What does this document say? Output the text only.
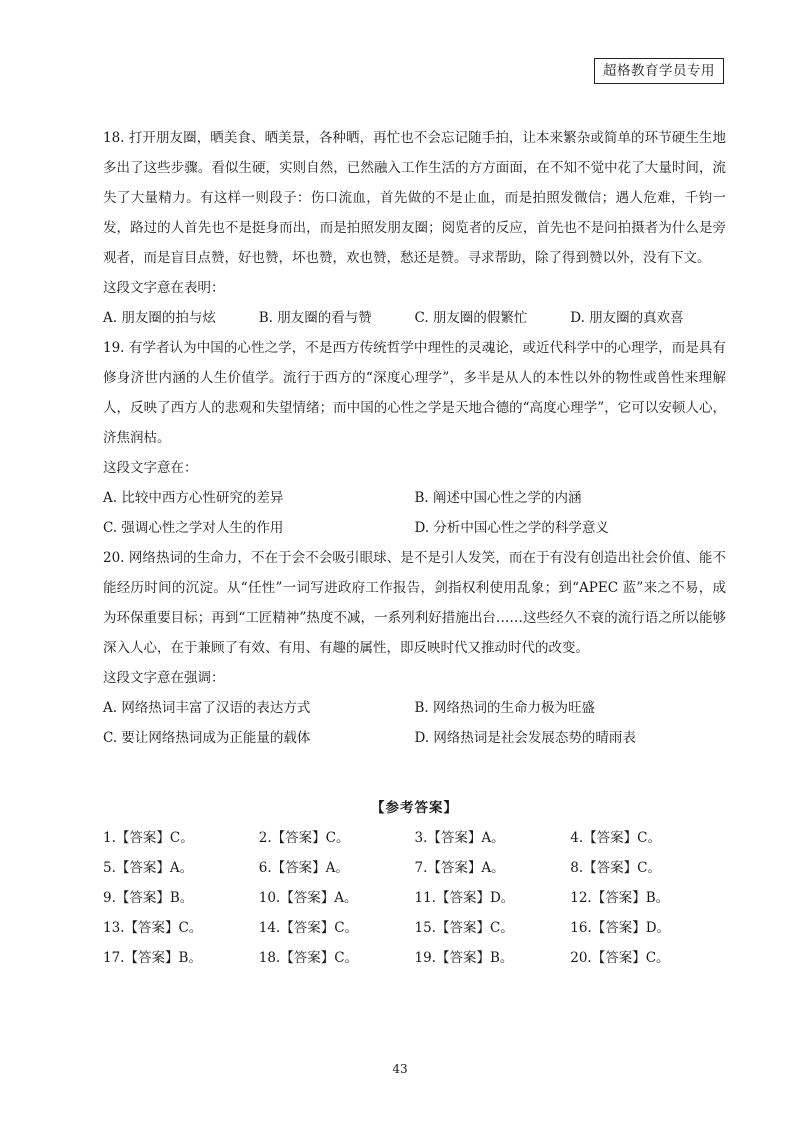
超格教育学员专用

18. 打开朋友圈，晒美食、晒美景，各种晒，再忙也不会忘记随手拍，让本来繁杂或简单的环节硬生生地多出了这些步骤。看似生硬，实则自然，已然融入工作生活的方方面面，在不知不觉中花了大量时间，流失了大量精力。有这样一则段子：伤口流血，首先做的不是止血，而是拍照发微信；遇人危难，千钧一发，路过的人首先也不是挺身而出，而是拍照发朋友圈；阅览者的反应，首先也不是问拍摄者为什么是旁观者，而是盲目点赞，好也赞，坏也赞，欢也赞，愁还是赞。寻求帮助，除了得到赞以外，没有下文。

这段文字意在表明：
A. 朋友圈的拍与炫	B. 朋友圈的看与赞	C. 朋友圈的假繁忙	D. 朋友圈的真欢喜

19. 有学者认为中国的心性之学，不是西方传统哲学中理性的灵魂论，或近代科学中的心理学，而是具有修身济世内涵的人生价值学。流行于西方的“深度心理学”，多半是从人的本性以外的物性或兽性来理解人，反映了西方人的悲观和失望情绪；而中国的心性之学是天地合德的“高度心理学”，它可以安顿人心，济焦润枯。

这段文字意在：
A. 比较中西方心性研究的差异	B. 阐述中国心性之学的内涵
C. 强调心性之学对人生的作用	D. 分析中国心性之学的科学意义

20. 网络热词的生命力，不在于会不会吸引眼球、是不是引人发笑，而在于有没有创造出社会价值、能不能经历时间的沉淀。从“任性”一词写进政府工作报告，剑指权利使用乱象；到“APEC 蓝”来之不易，成为环保重要目标；再到“工匠精神”热度不减，一系列利好措施出台……这些经久不衰的流行语之所以能够深入人心，在于兼顾了有效、有用、有趣的属性，即反映时代又推动时代的改变。

这段文字意在强调：
A. 网络热词丰富了汉语的表达方式	B. 网络热词的生命力极为旺盛
C. 要让网络热词成为正能量的载体	D. 网络热词是社会发展态势的晴雨表
【参考答案】
1.【答案】C。	2.【答案】C。	3.【答案】A。	4.【答案】C。
5.【答案】A。	6.【答案】A。	7.【答案】A。	8.【答案】C。
9.【答案】B。	10.【答案】A。	11.【答案】D。	12.【答案】B。
13.【答案】C。	14.【答案】C。	15.【答案】C。	16.【答案】D。
17.【答案】B。	18.【答案】C。	19.【答案】B。	20.【答案】C。
43
